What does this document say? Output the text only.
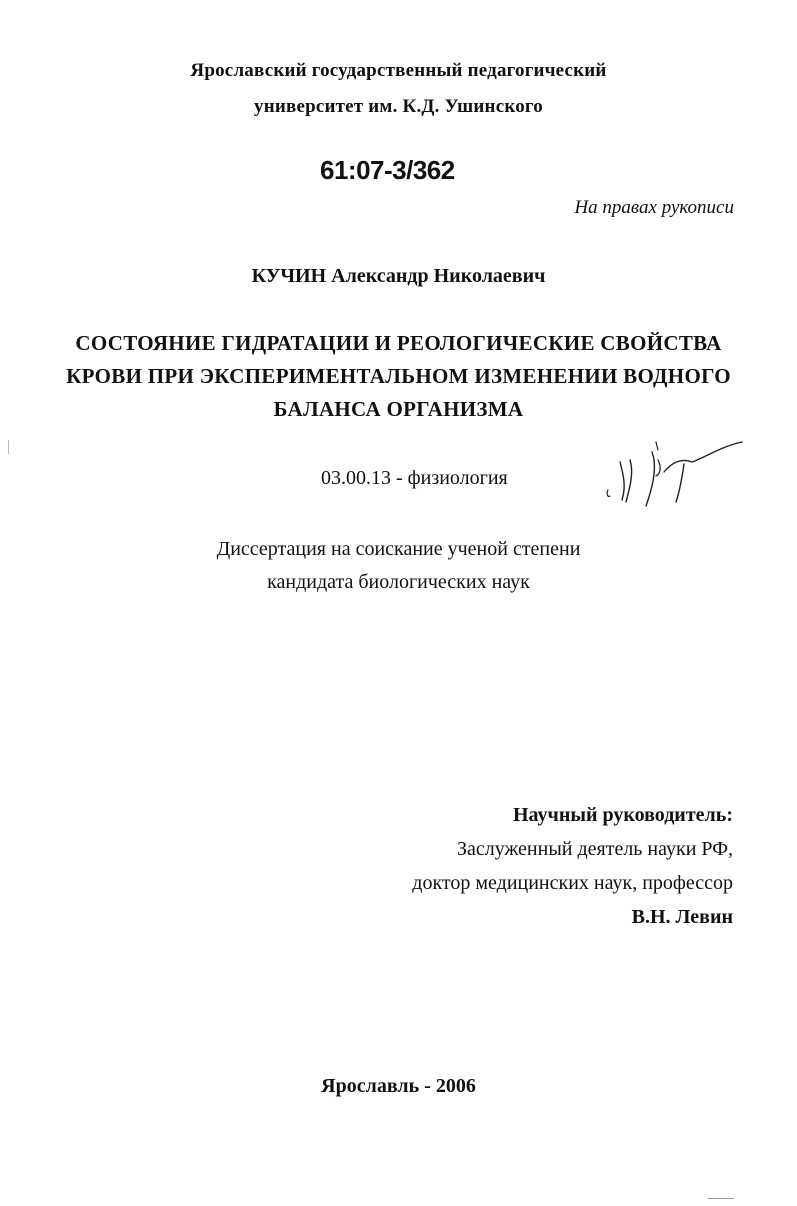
Ярославский государственный педагогический
университет им. К.Д. Ушинского
61:07-3/362
На правах рукописи
КУЧИН Александр Николаевич
СОСТОЯНИЕ ГИДРАТАЦИИ И РЕОЛОГИЧЕСКИЕ СВОЙСТВА
КРОВИ ПРИ ЭКСПЕРИМЕНТАЛЬНОМ ИЗМЕНЕНИИ ВОДНОГО
БАЛАНСА ОРГАНИЗМА
03.00.13 - физиология
Диссертация на соискание ученой степени
кандидата биологических наук
Научный руководитель:
Заслуженный деятель науки РФ,
доктор медицинских наук, профессор
В.Н. Левин
Ярославль - 2006
